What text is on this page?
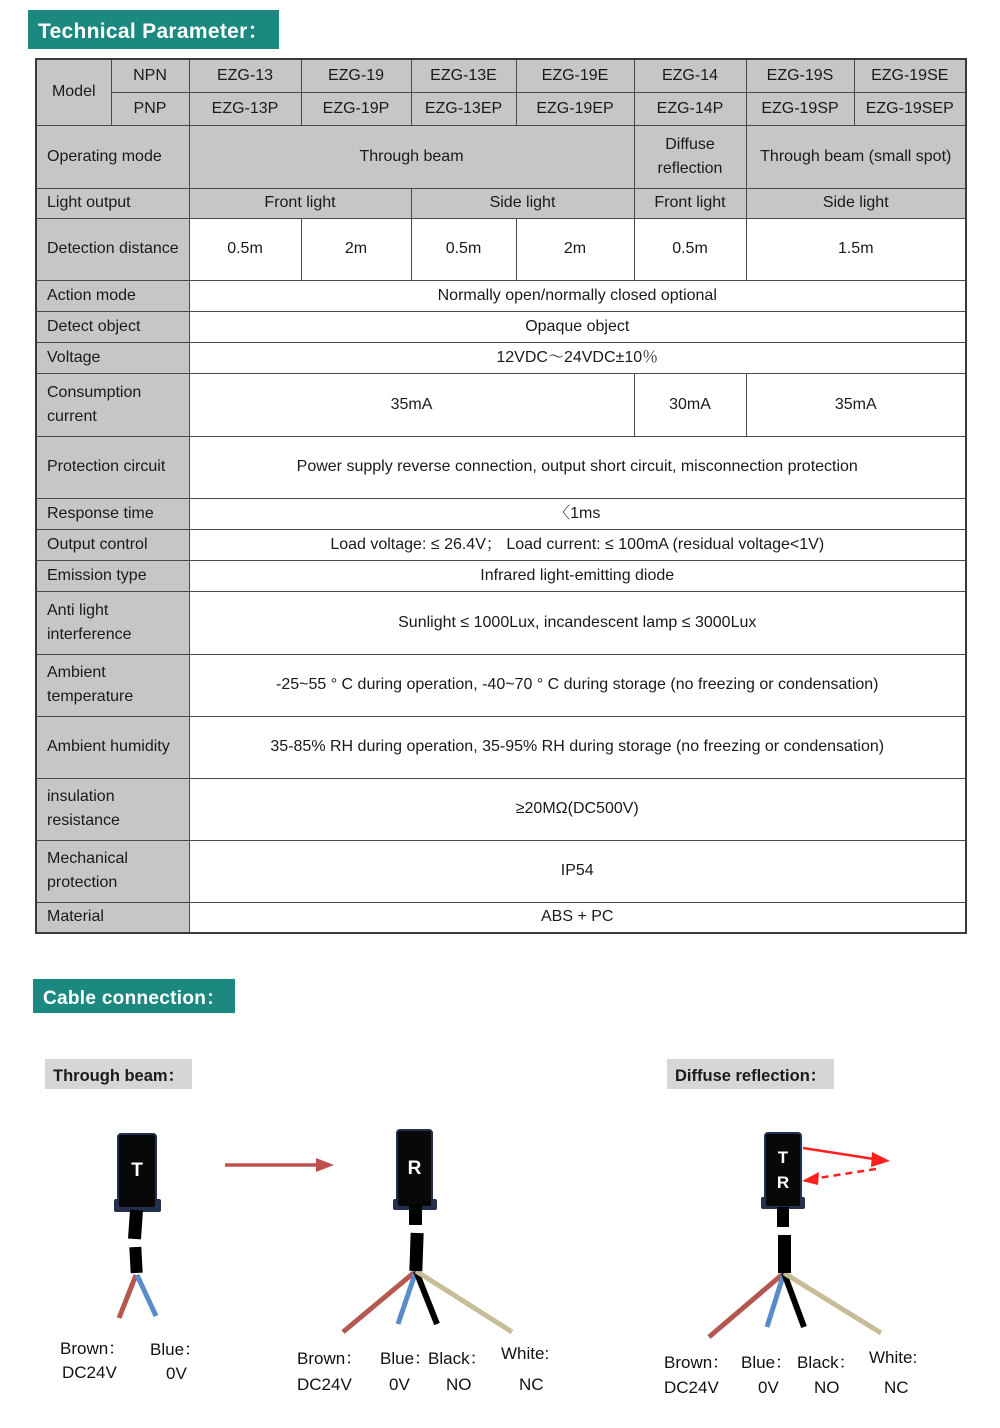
Technical Parameter：
Model	NPN	EZG-13	EZG-19	EZG-13E	EZG-19E	EZG-14	EZG-19S	EZG-19SE
	PNP	EZG-13P	EZG-19P	EZG-13EP	EZG-19EP	EZG-14P	EZG-19SP	EZG-19SEP
Operating mode		Through beam				Diffuse reflection	Through beam (small spot)	
Light output		Front light		Side light		Front light	Side light	
Detection distance		0.5m	2m	0.5m	2m	0.5m	1.5m	
Action mode		Normally open/normally closed optional						
Detect object		Opaque object						
Voltage		12VDC～24VDC±10％						
Consumption current		35mA				30mA	35mA	
Protection circuit		Power supply reverse connection, output short circuit, misconnection protection						
Response time		〈1ms						
Output control		Load voltage: ≤ 26.4V； Load current: ≤ 100mA (residual voltage<1V)						
Emission type		Infrared light-emitting diode						
Anti light interference		Sunlight ≤ 1000Lux, incandescent lamp ≤ 3000Lux						
Ambient temperature		-25~55 ° C during operation, -40~70 ° C during storage (no freezing or condensation)						
Ambient humidity		35-85% RH during operation, 35-95% RH during storage (no freezing or condensation)						
insulation resistance		≥20MΩ(DC500V)						
Mechanical protection		IP54						
Material		ABS + PC						
Cable connection：
Through beam：	Diffuse reflection：
T	R	T
R
Brown：
DC24V
Blue：
0V
Brown：
DC24V
Blue：
0V
Black：
NO
White:
NC
Brown：
DC24V
Blue：
0V
Black：
NO
White:
NC
